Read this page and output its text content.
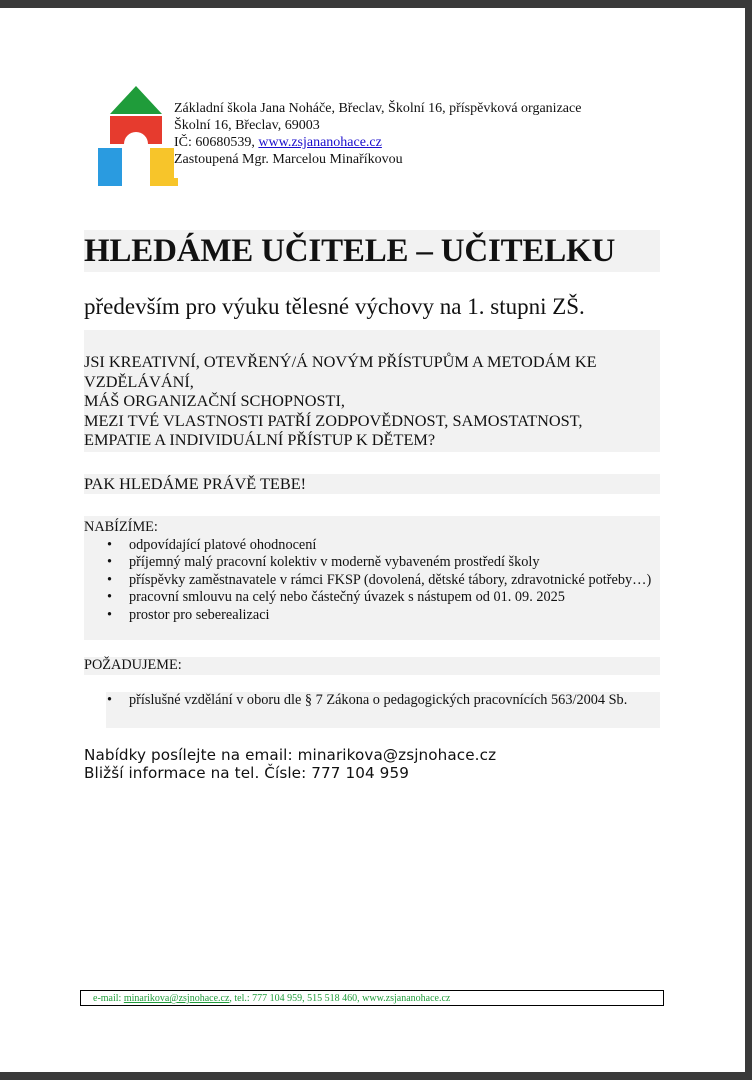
Základní škola Jana Noháče, Břeclav, Školní 16, příspěvková organizace
Školní 16, Břeclav, 69003
IČ: 60680539, www.zsjananohace.cz
Zastoupená Mgr. Marcelou Minaříkovou
HLEDÁME UČITELE – UČITELKU
především pro výuku tělesné výchovy na 1. stupni ZŠ.
JSI KREATIVNÍ, OTEVŘENÝ/Á NOVÝM PŘÍSTUPŮM A METODÁM KE
VZDĚLÁVÁNÍ,
MÁŠ ORGANIZAČNÍ SCHOPNOSTI,
MEZI TVÉ VLASTNOSTI PATŘÍ ZODPOVĚDNOST, SAMOSTATNOST,
EMPATIE A INDIVIDUÁLNÍ PŘÍSTUP K DĚTEM?
PAK HLEDÁME PRÁVĚ TEBE!
NABÍZÍME:
• odpovídající platové ohodnocení
• příjemný malý pracovní kolektiv v moderně vybaveném prostředí školy
• příspěvky zaměstnavatele v rámci FKSP (dovolená, dětské tábory, zdravotnické potřeby…)
• pracovní smlouvu na celý nebo částečný úvazek s nástupem od 01. 09. 2025
• prostor pro seberealizaci
POŽADUJEME:
• příslušné vzdělání v oboru dle § 7 Zákona o pedagogických pracovnících 563/2004 Sb.
Nabídky posílejte na email: minarikova@zsjnohace.cz
Bližší informace na tel. Čísle: 777 104 959
e-mail: minarikova@zsjnohace.cz, tel.: 777 104 959, 515 518 460, www.zsjananohace.cz
